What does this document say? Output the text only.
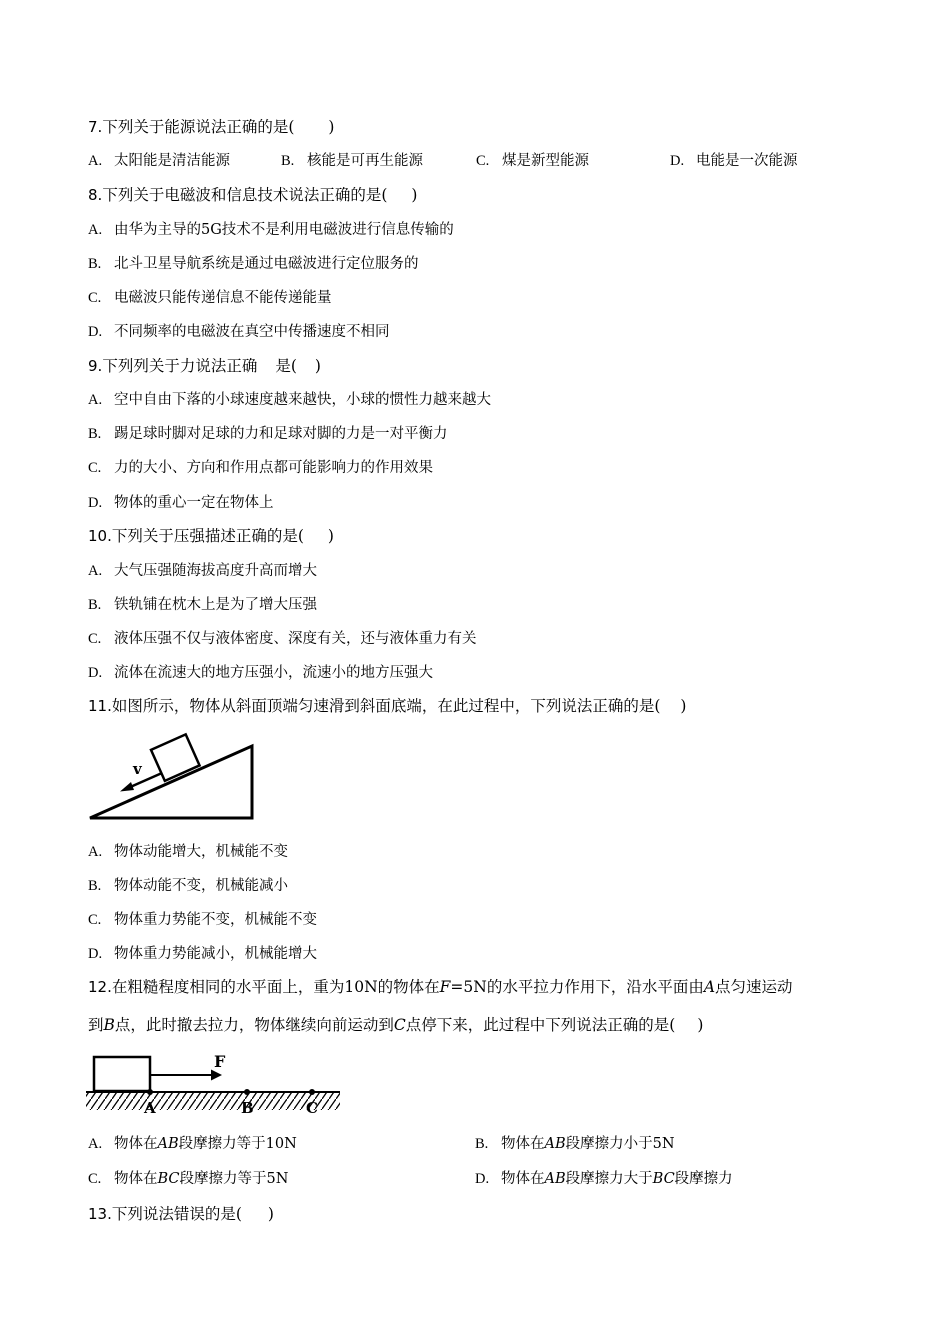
7.下列关于能源说法正确的是( )
A. 太阳能是清洁能源	B. 核能是可再生能源	C. 煤是新型能源	D. 电能是一次能源
8.下列关于电磁波和信息技术说法正确的是( )
A. 由华为主导的5G技术不是利用电磁波进行信息传输的
B. 北斗卫星导航系统是通过电磁波进行定位服务的
C. 电磁波只能传递信息不能传递能量
D. 不同频率的电磁波在真空中传播速度不相同
9.下列列关于力说法正确 是( )
A. 空中自由下落的小球速度越来越快，小球的惯性力越来越大
B. 踢足球时脚对足球的力和足球对脚的力是一对平衡力
C. 力的大小、方向和作用点都可能影响力的作用效果
D. 物体的重心一定在物体上
10.下列关于压强描述正确的是( )
A. 大气压强随海拔高度升高而增大
B. 铁轨铺在枕木上是为了增大压强
C. 液体压强不仅与液体密度、深度有关，还与液体重力有关
D. 流体在流速大的地方压强小，流速小的地方压强大
11.如图所示，物体从斜面顶端匀速滑到斜面底端，在此过程中，下列说法正确的是( )
v
A. 物体动能增大，机械能不变
B. 物体动能不变，机械能减小
C. 物体重力势能不变，机械能不变
D. 物体重力势能减小，机械能增大
12.在粗糙程度相同的水平面上，重为10N的物体在F=5N的水平拉力作用下，沿水平面由A点匀速运动
到B点，此时撤去拉力，物体继续向前运动到C点停下来，此过程中下列说法正确的是( )
F
A	B	C
A. 物体在AB段摩擦力等于10N	B. 物体在AB段摩擦力小于5N
C. 物体在BC段摩擦力等于5N	D. 物体在AB段摩擦力大于BC段摩擦力
13.下列说法错误的是( )
